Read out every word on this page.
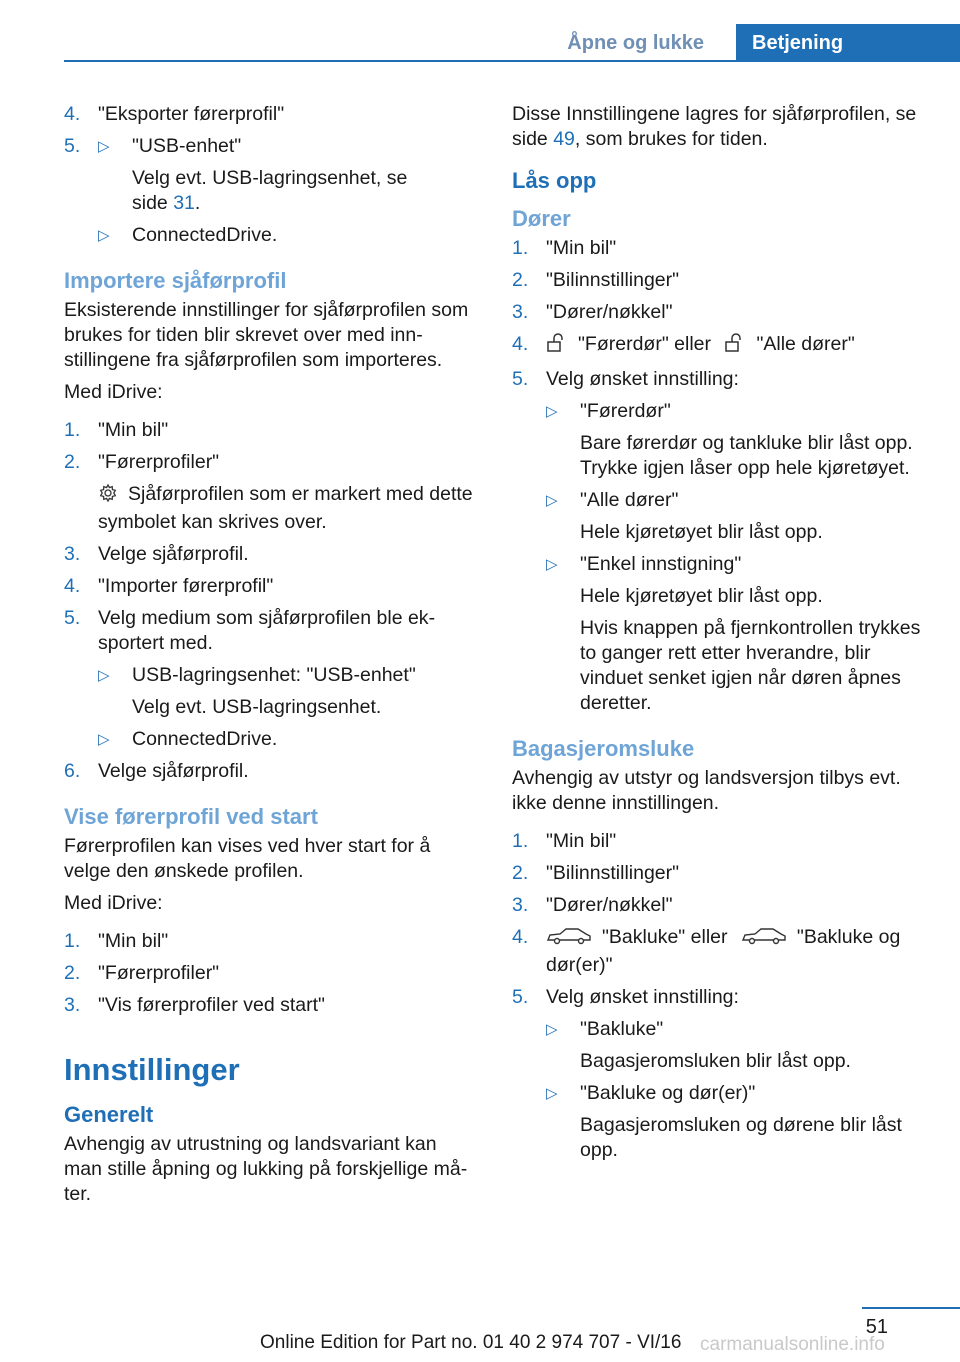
Åpne og lukke	Betjening
4. "Eksporter førerprofil"
5.	▷	"USB-enhet"
Velg evt. USB-lagringsenhet, se
side 31.
▷	ConnectedDrive.
Importere sjåførprofil
Eksisterende innstillinger for sjåførprofilen som brukes for tiden blir skrevet over med innstillingene fra sjåførprofilen som importeres.
Med iDrive:
1. "Min bil"
2. "Førerprofiler"
Sjåførprofilen som er markert med dette symbolet kan skrives over.
3. Velge sjåførprofil.
4. "Importer førerprofil"
5. Velg medium som sjåførprofilen ble eksportert med.
▷	USB-lagringsenhet: "USB-enhet"
Velg evt. USB-lagringsenhet.
▷	ConnectedDrive.
6. Velge sjåførprofil.
Vise førerprofil ved start
Førerprofilen kan vises ved hver start for å velge den ønskede profilen.
Med iDrive:
1. "Min bil"
2. "Førerprofiler"
3. "Vis førerprofiler ved start"
Innstillinger
Generelt
Avhengig av utrustning og landsvariant kan man stille åpning og lukking på forskjellige måter.
Disse Innstillingene lagres for sjåførprofilen, se side 49, som brukes for tiden.
Lås opp
Dører
1. "Min bil"
2. "Bilinnstillinger"
3. "Dører/nøkkel"
4.	"Førerdør" eller "Alle dører"
5. Velg ønsket innstilling:
▷	"Førerdør"
Bare førerdør og tankluke blir låst opp. Trykke igjen låser opp hele kjøretøyet.
▷	"Alle dører"
Hele kjøretøyet blir låst opp.
▷	"Enkel innstigning"
Hele kjøretøyet blir låst opp.
Hvis knappen på fjernkontrollen trykkes to ganger rett etter hverandre, blir vinduet senket igjen når døren åpnes deretter.
Bagasjeromsluke
Avhengig av utstyr og landsversjon tilbys evt. ikke denne innstillingen.
1. "Min bil"
2. "Bilinnstillinger"
3. "Dører/nøkkel"
4.	"Bakluke" eller	"Bakluke og dør(er)"
5. Velg ønsket innstilling:
▷	"Bakluke"
Bagasjeromsluken blir låst opp.
▷	"Bakluke og dør(er)"
Bagasjeromsluken og dørene blir låst opp.
51
Online Edition for Part no. 01 40 2 974 707 - VI/16 carmanualsonline.info
